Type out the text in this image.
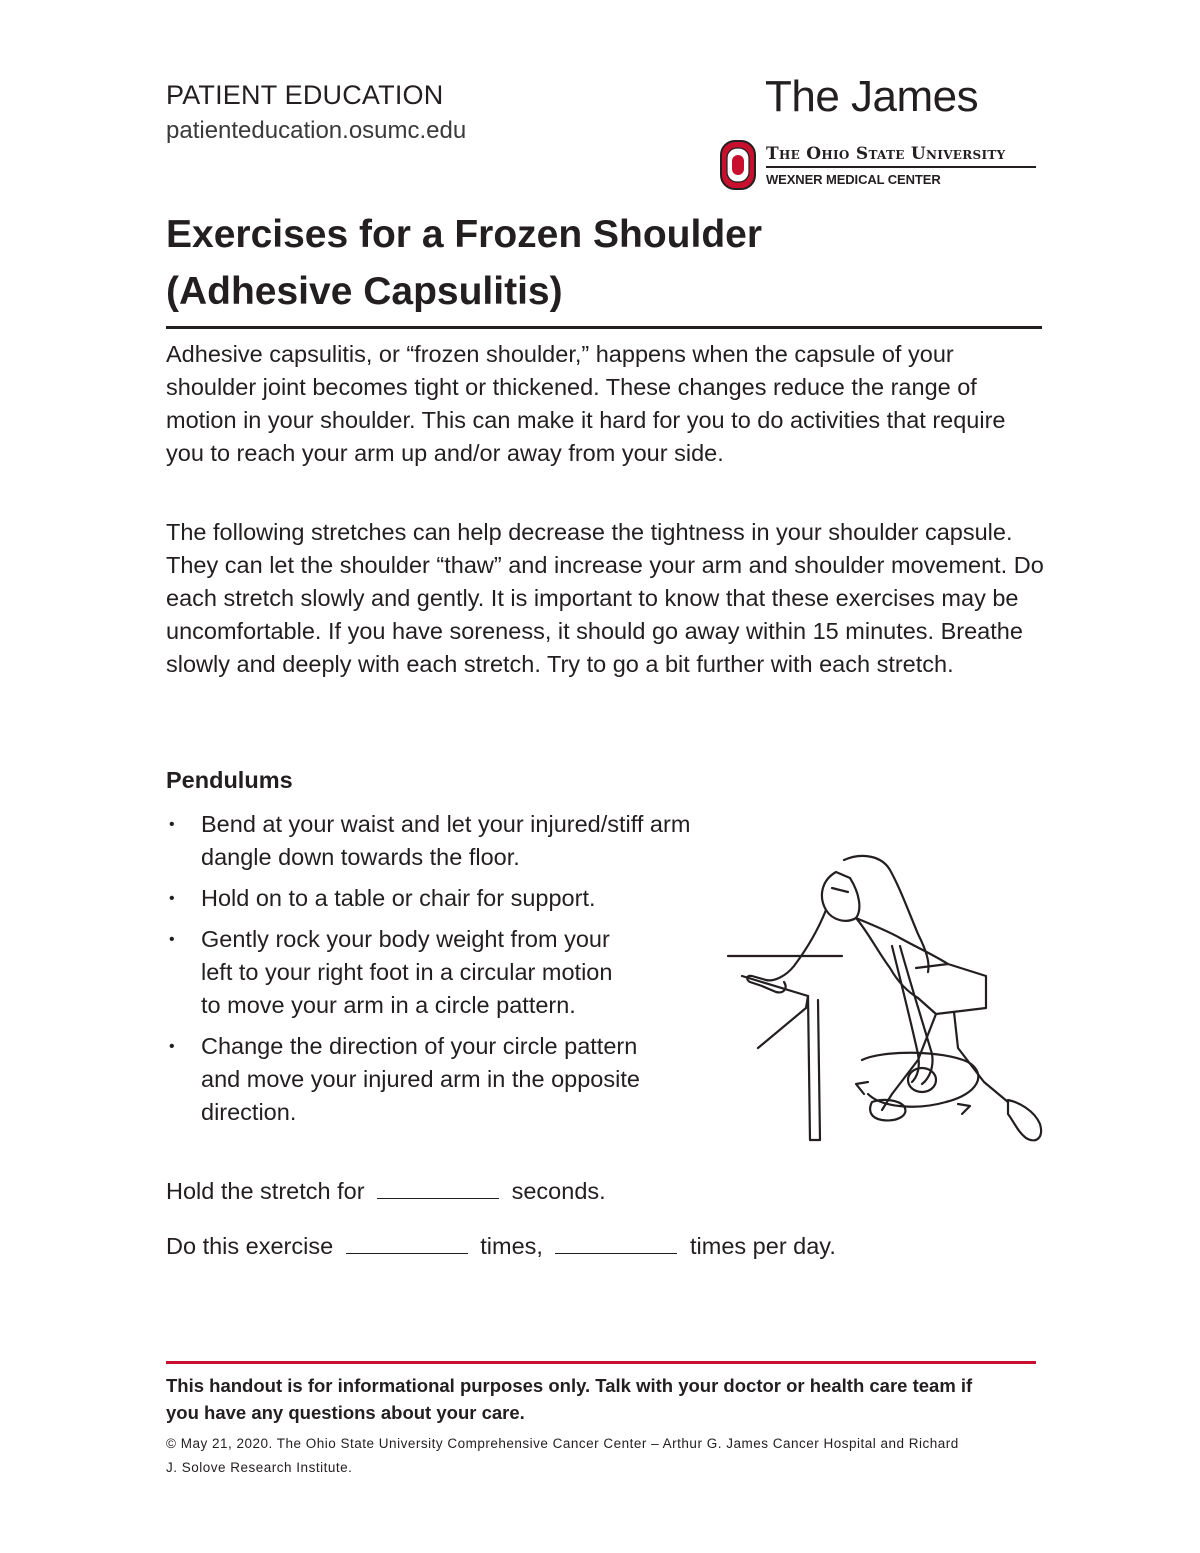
PATIENT EDUCATION
patienteducation.osumc.edu
The James
The Ohio State University
WEXNER MEDICAL CENTER
Exercises for a Frozen Shoulder
(Adhesive Capsulitis)
Adhesive capsulitis, or “frozen shoulder,” happens when the capsule of your shoulder joint becomes tight or thickened. These changes reduce the range of motion in your shoulder. This can make it hard for you to do activities that require you to reach your arm up and/or away from your side.
The following stretches can help decrease the tightness in your shoulder capsule. They can let the shoulder “thaw” and increase your arm and shoulder movement. Do each stretch slowly and gently. It is important to know that these exercises may be uncomfortable. If you have soreness, it should go away within 15 minutes. Breathe slowly and deeply with each stretch. Try to go a bit further with each stretch.
Pendulums
• Bend at your waist and let your injured/stiff arm dangle down towards the floor.
• Hold on to a table or chair for support.
• Gently rock your body weight from your left to your right foot in a circular motion to move your arm in a circle pattern.
• Change the direction of your circle pattern and move your injured arm in the opposite direction.
Hold the stretch for	seconds.
Do this exercise	times,	times per day.
This handout is for informational purposes only. Talk with your doctor or health care team if you have any questions about your care.
© May 21, 2020. The Ohio State University Comprehensive Cancer Center – Arthur G. James Cancer Hospital and Richard J. Solove Research Institute.
